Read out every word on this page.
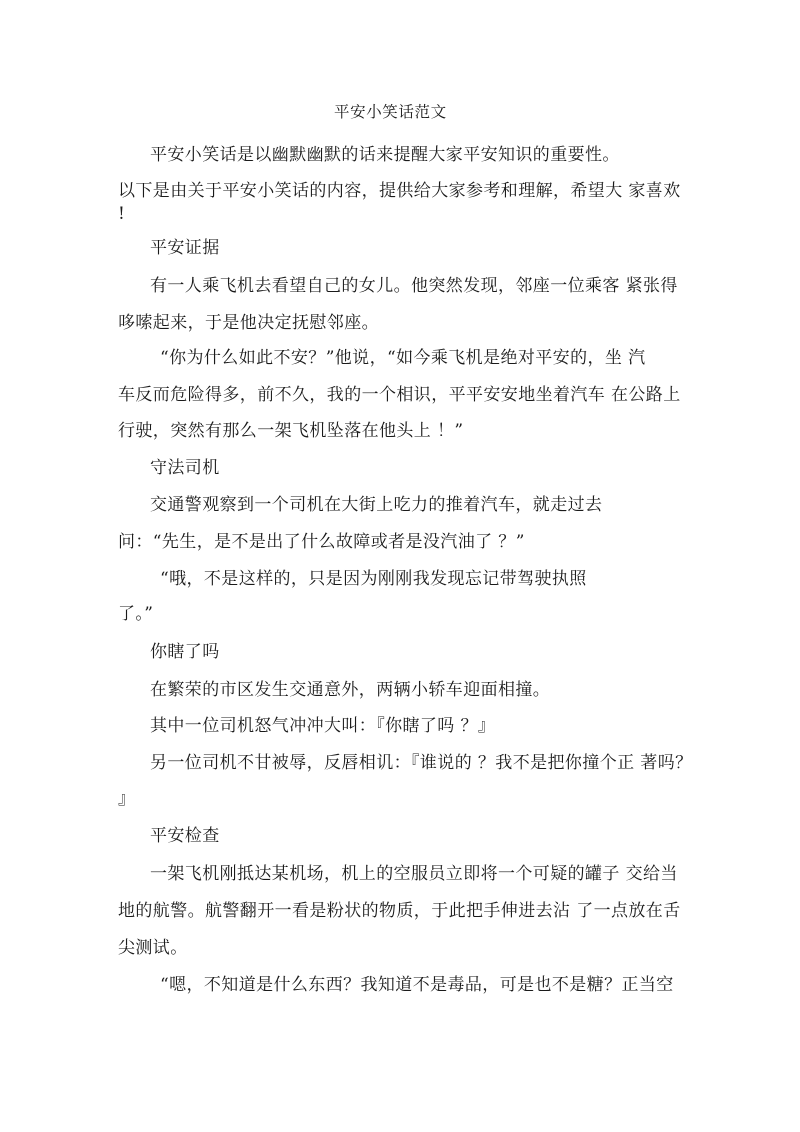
平安小笑话范文
平安小笑话是以幽默幽默的话来提醒大家平安知识的重要性。
以下是由关于平安小笑话的内容，提供给大家参考和理解，希望大 家喜欢
!
平安证据
有一人乘飞机去看望自己的女儿。他突然发现，邻座一位乘客 紧张得
哆嗦起来，于是他决定抚慰邻座。
“你为什么如此不安？”他说，“如今乘飞机是绝对平安的，坐 汽
车反而危险得多，前不久，我的一个相识，平平安安地坐着汽车 在公路上
行驶，突然有那么一架飞机坠落在他头上 ！”
守法司机
交通警观察到一个司机在大街上吃力的推着汽车，就走过去
问：“先生，是不是出了什么故障或者是没汽油了 ？”
“哦，不是这样的，只是因为刚刚我发现忘记带驾驶执照
了。”
你瞎了吗
在繁荣的市区发生交通意外，两辆小轿车迎面相撞。
其中一位司机怒气冲冲大叫：『你瞎了吗 ？』
另一位司机不甘被辱，反唇相讥：『谁说的 ？我不是把你撞个正 著吗？
』
平安检查
一架飞机刚抵达某机场，机上的空服员立即将一个可疑的罐子 交给当
地的航警。航警翻开一看是粉状的物质，于此把手伸进去沾 了一点放在舌
尖测试。
“嗯，不知道是什么东西？我知道不是毒品，可是也不是糖？正当空
